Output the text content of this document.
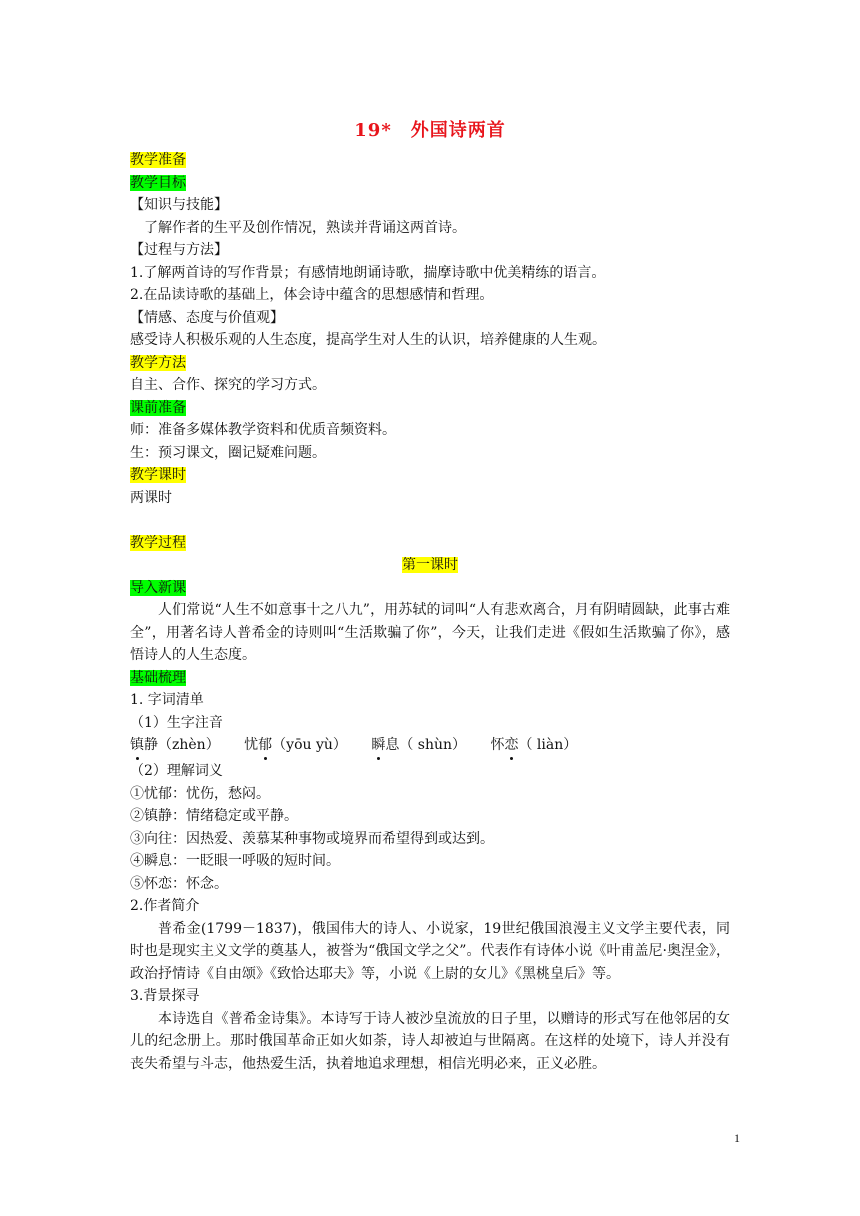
19*　外国诗两首
教学准备
教学目标
【知识与技能】
了解作者的生平及创作情况，熟读并背诵这两首诗。
【过程与方法】
1.了解两首诗的写作背景；有感情地朗诵诗歌，揣摩诗歌中优美精练的语言。
2.在品读诗歌的基础上，体会诗中蕴含的思想感情和哲理。
【情感、态度与价值观】
感受诗人积极乐观的人生态度，提高学生对人生的认识，培养健康的人生观。
教学方法
自主、合作、探究的学习方式。
课前准备
师：准备多媒体教学资料和优质音频资料。
生：预习课文，圈记疑难问题。
教学课时
两课时
教学过程
第一课时
导入新课
人们常说“人生不如意事十之八九”，用苏轼的词叫“人有悲欢离合，月有阴晴圆缺，此事古难全”，用著名诗人普希金的诗则叫“生活欺骗了你”，今天，让我们走进《假如生活欺骗了你》，感悟诗人的人生态度。
基础梳理
1. 字词清单
（1）生字注音
镇静（zhèn） 忧郁（yōu yù） 瞬息（ shùn） 怀恋（ liàn）
（2）理解词义
①忧郁：忧伤，愁闷。
②镇静：情绪稳定或平静。
③向往：因热爱、羡慕某种事物或境界而希望得到或达到。
④瞬息：一眨眼一呼吸的短时间。
⑤怀恋：怀念。
2.作者简介
普希金(1799－1837)，俄国伟大的诗人、小说家，19世纪俄国浪漫主义文学主要代表，同时也是现实主义文学的奠基人，被誉为“俄国文学之父”。代表作有诗体小说《叶甫盖尼·奥涅金》，政治抒情诗《自由颂》《致恰达耶夫》等，小说《上尉的女儿》《黑桃皇后》等。
3.背景探寻
本诗选自《普希金诗集》。本诗写于诗人被沙皇流放的日子里，以赠诗的形式写在他邻居的女儿的纪念册上。那时俄国革命正如火如荼，诗人却被迫与世隔离。在这样的处境下，诗人并没有丧失希望与斗志，他热爱生活，执着地追求理想，相信光明必来，正义必胜。
1
